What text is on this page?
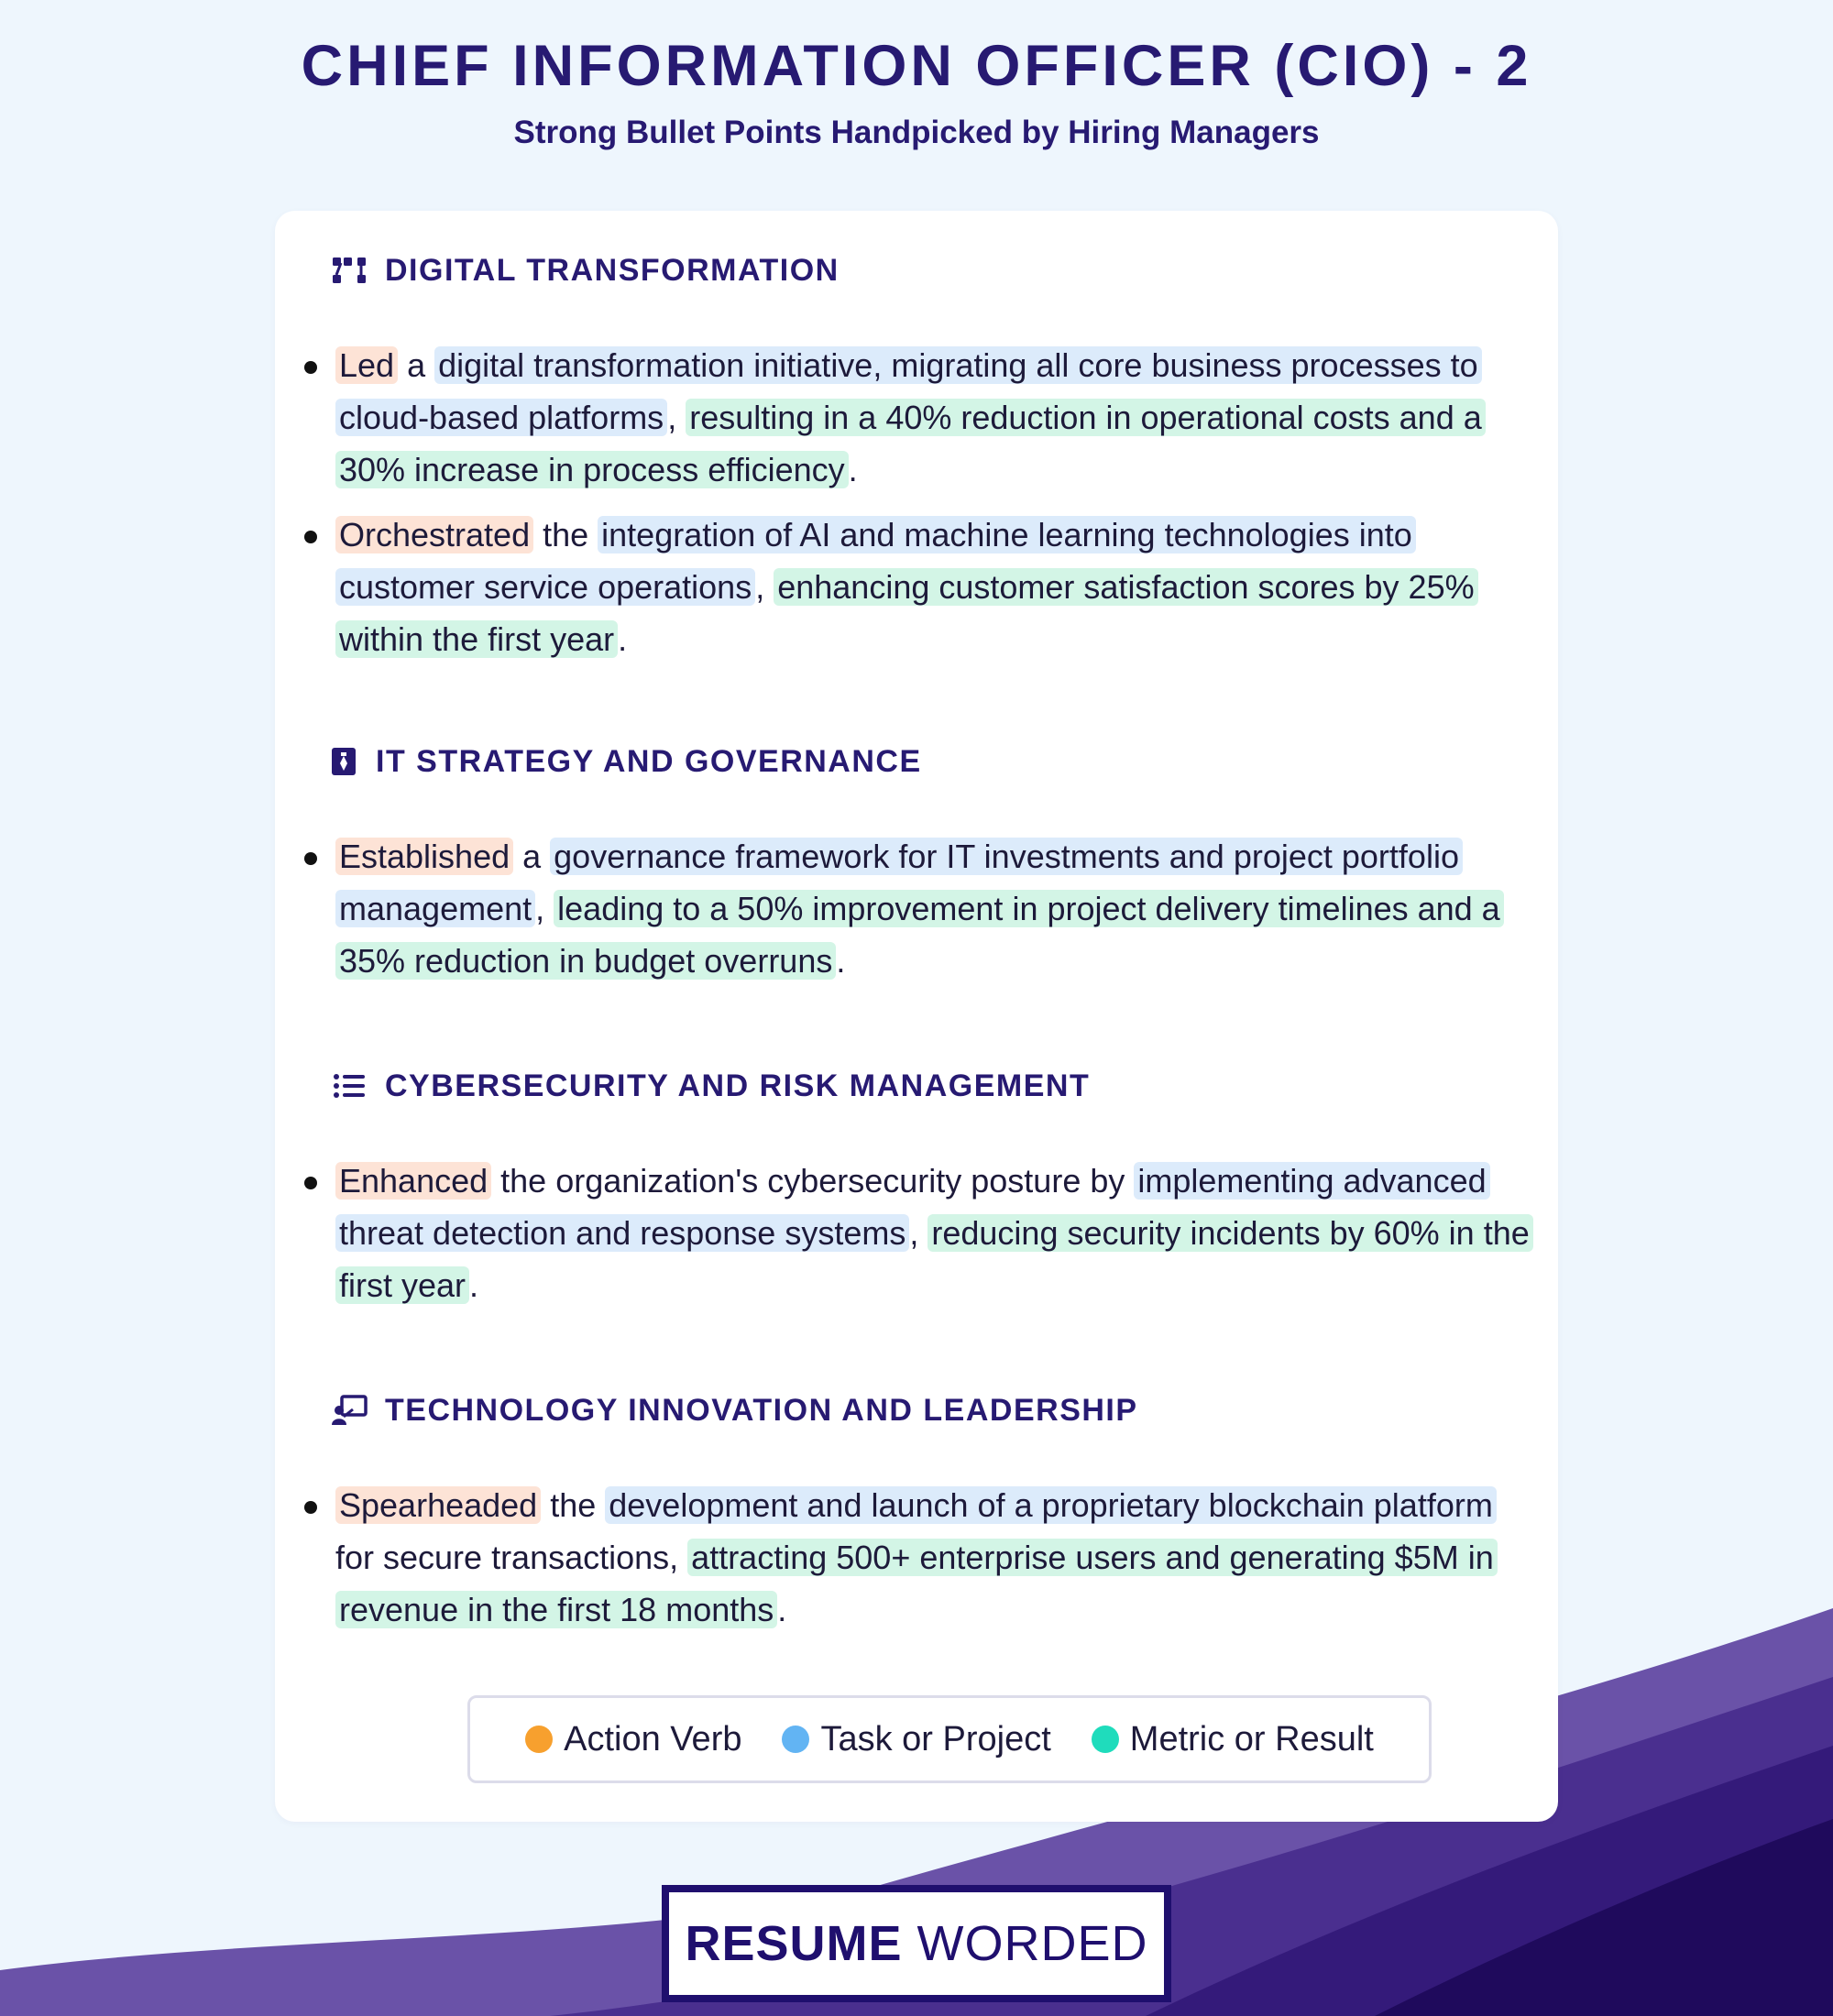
CHIEF INFORMATION OFFICER (CIO) - 2
Strong Bullet Points Handpicked by Hiring Managers
DIGITAL TRANSFORMATION
Led a digital transformation initiative, migrating all core business processes to cloud-based platforms , resulting in a 40% reduction in operational costs and a 30% increase in process efficiency .
Orchestrated the integration of AI and machine learning technologies into customer service operations , enhancing customer satisfaction scores by 25% within the first year .
IT STRATEGY AND GOVERNANCE
Established a governance framework for IT investments and project portfolio management , leading to a 50% improvement in project delivery timelines and a 35% reduction in budget overruns .
CYBERSECURITY AND RISK MANAGEMENT
Enhanced the organization's cybersecurity posture by implementing advanced threat detection and response systems , reducing security incidents by 60% in the first year .
TECHNOLOGY INNOVATION AND LEADERSHIP
Spearheaded the development and launch of a proprietary blockchain platform for secure transactions, attracting 500+ enterprise users and generating $5M in revenue in the first 18 months .
Action Verb Task or Project Metric or Result
RESUME WORDED
